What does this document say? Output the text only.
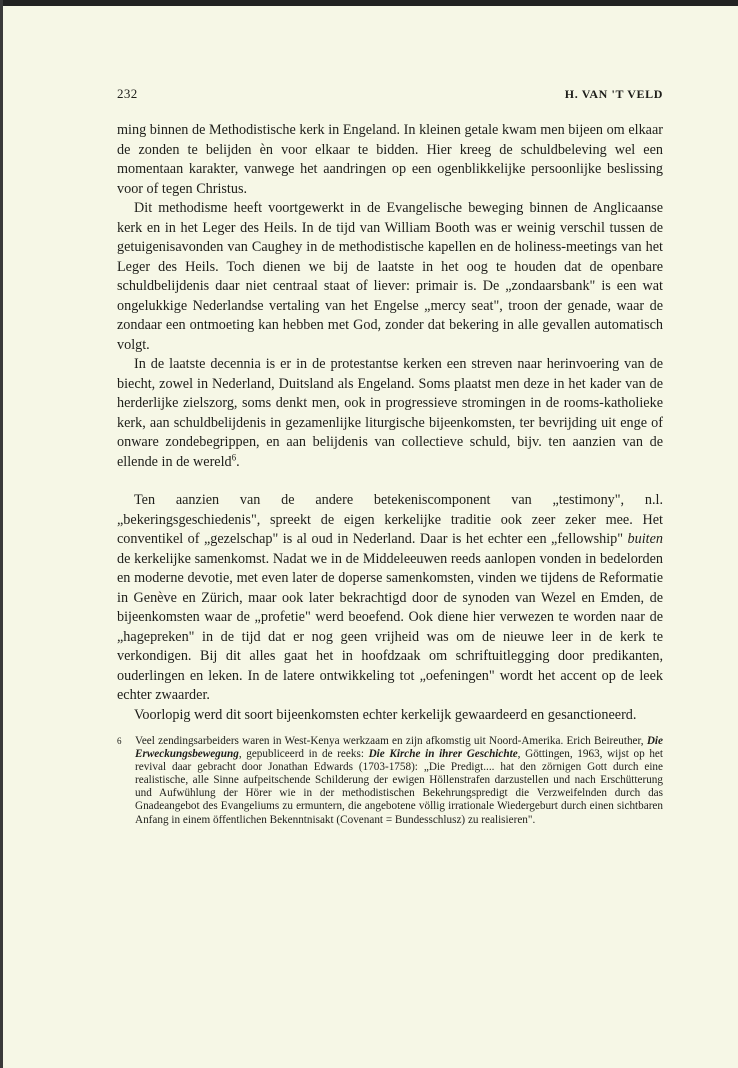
232	H. VAN 'T VELD

ming binnen de Methodistische kerk in Engeland. In kleinen getale kwam men bijeen om elkaar de zonden te belijden èn voor elkaar te bidden. Hier kreeg de schuldbeleving wel een momentaan karakter, vanwege het aandringen op een ogenblikkelijke persoonlijke beslissing voor of tegen Christus.

Dit methodisme heeft voortgewerkt in de Evangelische beweging binnen de Anglicaanse kerk en in het Leger des Heils. In de tijd van William Booth was er weinig verschil tussen de getuigenisavonden van Caughey in de methodistische kapellen en de holiness-meetings van het Leger des Heils. Toch dienen we bij de laatste in het oog te houden dat de openbare schuldbelijdenis daar niet centraal staat of liever: primair is. De „zondaarsbank" is een wat ongelukkige Nederlandse vertaling van het Engelse „mercy seat", troon der genade, waar de zondaar een ontmoeting kan hebben met God, zonder dat bekering in alle gevallen automatisch volgt.

In de laatste decennia is er in de protestantse kerken een streven naar herinvoering van de biecht, zowel in Nederland, Duitsland als Engeland. Soms plaatst men deze in het kader van de herderlijke zielszorg, soms denkt men, ook in progressieve stromingen in de rooms-katholieke kerk, aan schuldbelijdenis in gezamenlijke liturgische bijeenkomsten, ter bevrijding uit enge of onware zondebegrippen, en aan belijdenis van collectieve schuld, bijv. ten aanzien van de ellende in de wereld$^6$.

Ten aanzien van de andere betekeniscomponent van „testimony", n.l. „bekeringsgeschiedenis", spreekt de eigen kerkelijke traditie ook zeer zeker mee. Het conventikel of „gezelschap" is al oud in Nederland. Daar is het echter een „fellowship" buiten de kerkelijke samenkomst. Nadat we in de Middeleeuwen reeds aanlopen vonden in bedelorden en moderne devotie, met even later de doperse samenkomsten, vinden we tijdens de Reformatie in Genève en Zürich, maar ook later bekrachtigd door de synoden van Wezel en Emden, de bijeenkomsten waar de „profetie" werd beoefend. Ook diene hier verwezen te worden naar de „hagepreken" in de tijd dat er nog geen vrijheid was om de nieuwe leer in de kerk te verkondigen. Bij dit alles gaat het in hoofdzaak om schriftuitlegging door predikanten, ouderlingen en leken. In de latere ontwikkeling tot „oefeningen" wordt het accent op de leek echter zwaarder.

Voorlopig werd dit soort bijeenkomsten echter kerkelijk gewaardeerd en gesanctioneerd.

6 Veel zendingsarbeiders waren in West-Kenya werkzaam en zijn afkomstig uit Noord-Amerika. Erich Beireuther, Die Erweckungsbewegung, gepubliceerd in de reeks: Die Kirche in ihrer Geschichte, Göttingen, 1963, wijst op het revival daar gebracht door Jonathan Edwards (1703-1758): „Die Predigt.... hat den zörnigen Gott durch eine realistische, alle Sinne aufpeitschende Schilderung der ewigen Höllenstrafen darzustellen und nach Erschütterung und Aufwühlung der Hörer wie in der methodistischen Bekehrungspredigt die Verzweifelnden durch das Gnadeangebot des Evangeliums zu ermuntern, die angebotene völlig irrationale Wiedergeburt durch einen sichtbaren Anfang in einem öffentlichen Bekenntnisakt (Covenant = Bundesschlusz) zu realisieren".
